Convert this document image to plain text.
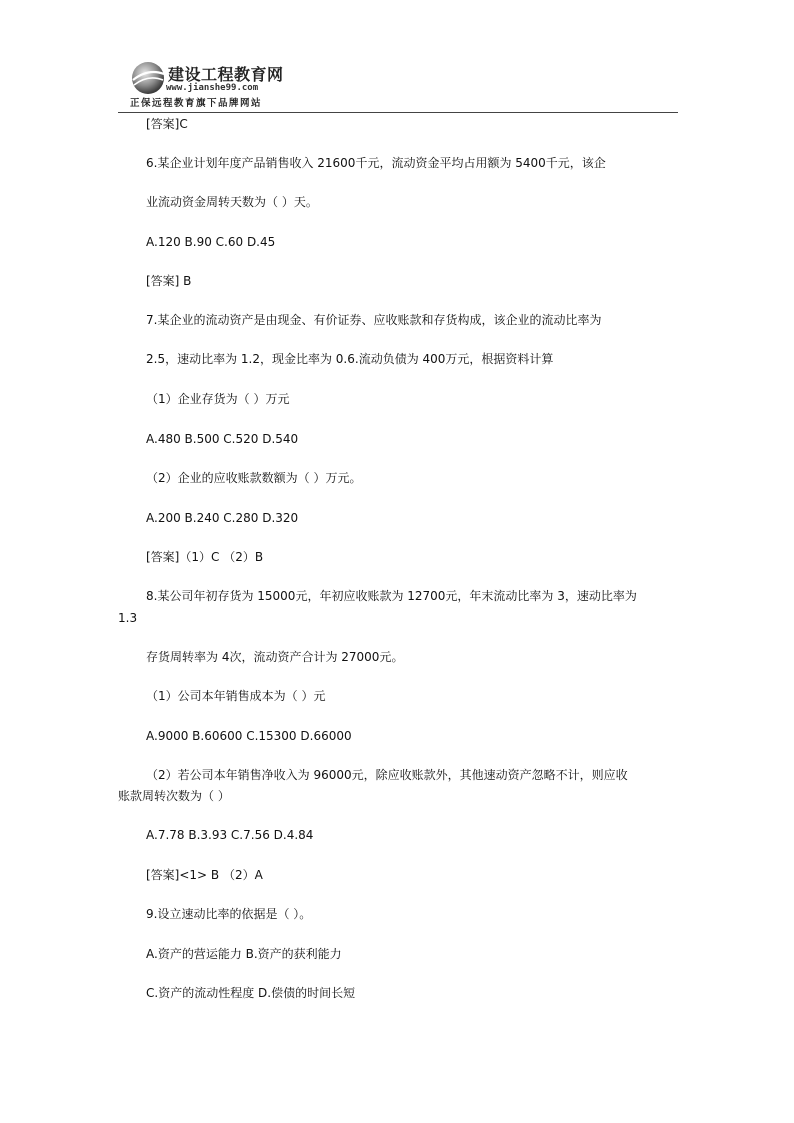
建设工程教育网
www.jianshe99.com
正保远程教育旗下品牌网站
[答案]C
6.某企业计划年度产品销售收入 21600千元，流动资金平均占用额为 5400千元，该企
业流动资金周转天数为（ ）天。
A.120 B.90 C.60 D.45
[答案] B
7.某企业的流动资产是由现金、有价证券、应收账款和存货构成，该企业的流动比率为
2.5，速动比率为 1.2，现金比率为 0.6.流动负债为 400万元，根据资料计算
（1）企业存货为（ ）万元
A.480 B.500 C.520 D.540
（2）企业的应收账款数额为（ ）万元。
A.200 B.240 C.280 D.320
[答案]（1）C （2）B
8.某公司年初存货为 15000元，年初应收账款为 12700元，年末流动比率为 3，速动比率为
1.3
存货周转率为 4次，流动资产合计为 27000元。
（1）公司本年销售成本为（ ）元
A.9000 B.60600 C.15300 D.66000
（2）若公司本年销售净收入为 96000元，除应收账款外，其他速动资产忽略不计，则应收
账款周转次数为（ ）
A.7.78 B.3.93 C.7.56 D.4.84
[答案]<1> B （2）A
9.设立速动比率的依据是（ ）。
A.资产的营运能力 B.资产的获利能力
C.资产的流动性程度 D.偿债的时间长短
